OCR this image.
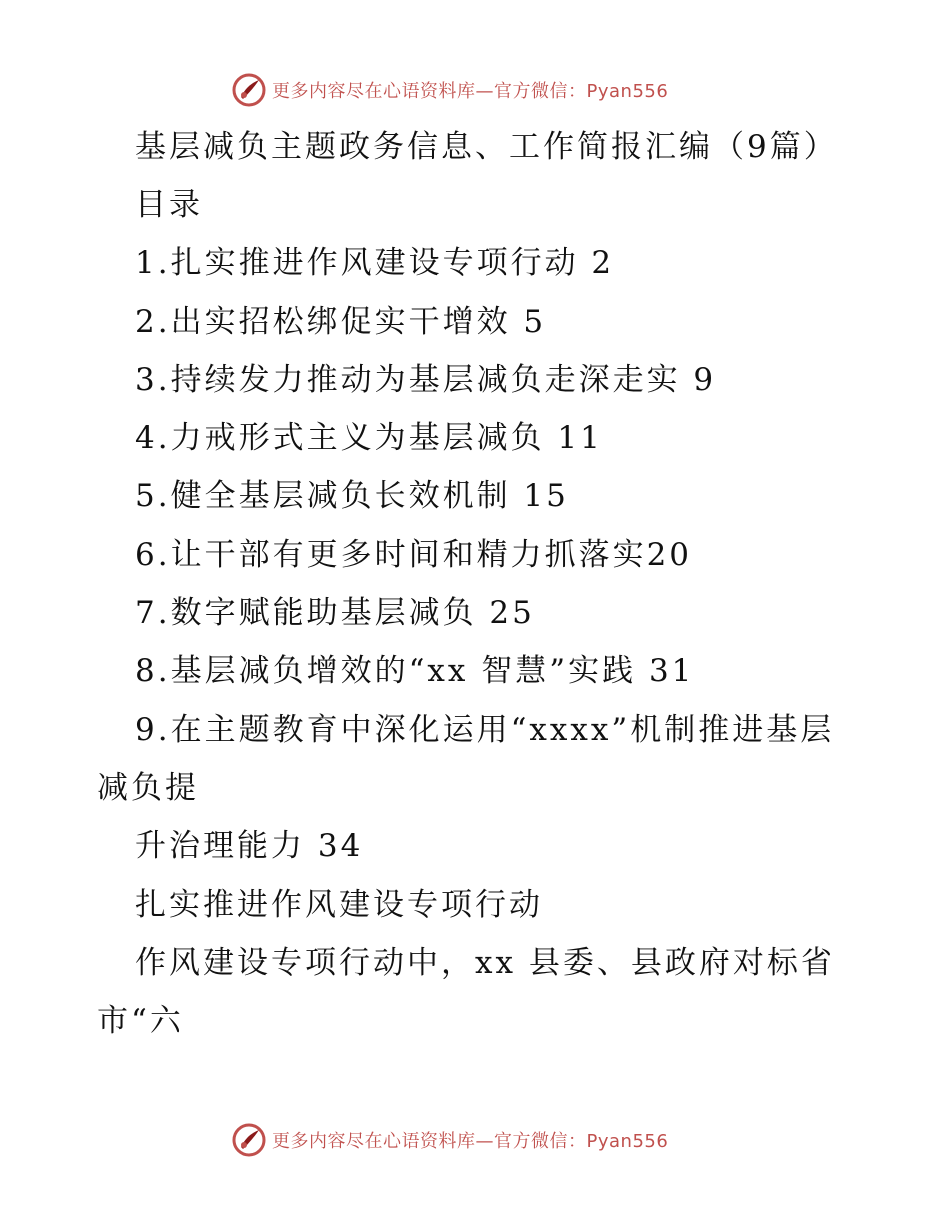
更多内容尽在心语资料库—官方微信：Pyan556
基层减负主题政务信息、工作简报汇编（9篇）
目录
1.扎实推进作风建设专项行动 2
2.出实招松绑促实干增效 5
3.持续发力推动为基层减负走深走实 9
4.力戒形式主义为基层减负 11
5.健全基层减负长效机制 15
6.让干部有更多时间和精力抓落实20
7.数字赋能助基层减负 25
8.基层减负增效的“xx 智慧”实践 31
9.在主题教育中深化运用“xxxx”机制推进基层
减负提
升治理能力 34
扎实推进作风建设专项行动
作风建设专项行动中，xx 县委、县政府对标省
市“六
更多内容尽在心语资料库—官方微信：Pyan556
